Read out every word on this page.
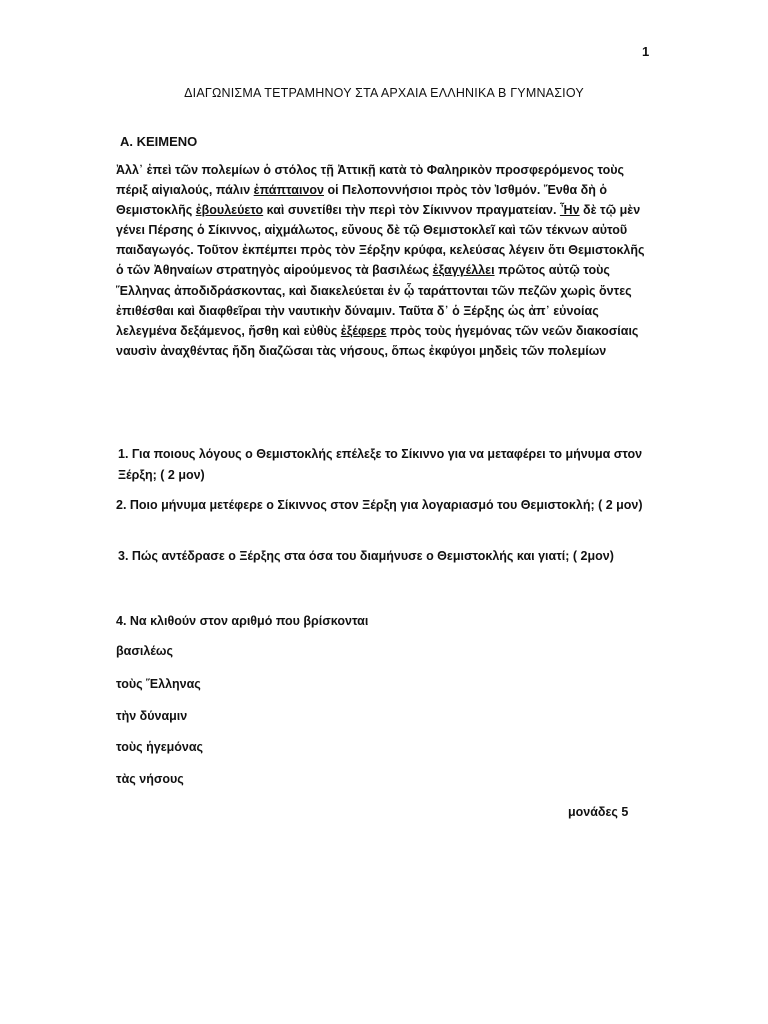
1
ΔΙΑΓΩΝΙΣΜΑ ΤΕΤΡΑΜΗΝΟΥ ΣΤΑ ΑΡΧΑΙΑ ΕΛΛΗΝΙΚΑ Β ΓΥΜΝΑΣΙΟΥ
Α. ΚΕΙΜΕΝΟ

Ἀλλ᾽ ἐπεὶ τῶν πολεμίων ὁ στόλος τῇ Ἀττικῇ κατὰ τὸ Φαληρικὸν προσφερόμενος τοὺς πέριξ αἰγιαλούς, πάλιν ἐπάπταινον οἱ Πελοποννήσιοι πρὸς τὸν Ἰσθμόν. Ἔνθα δὴ ὁ Θεμιστοκλῆς ἐβουλεύετο καὶ συνετίθει τὴν περὶ τὸν Σίκιννον πραγματείαν. Ἦν δὲ τῷ μὲν γένει Πέρσης ὁ Σίκιννος, αἰχμάλωτος, εὔνους δὲ τῷ Θεμιστοκλεῖ καὶ τῶν τέκνων αὐτοῦ παιδαγωγός. Τοῦτον ἐκπέμπει πρὸς τὸν Ξέρξην κρύφα, κελεύσας λέγειν ὅτι Θεμιστοκλῆς ὁ τῶν Ἀθηναίων στρατηγὸς αἱρούμενος τὰ βασιλέως ἐξαγγέλλει πρῶτος αὐτῷ τοὺς Ἕλληνας ἀποδιδράσκοντας, καὶ διακελεύεται ἐν ᾧ ταράττονται τῶν πεζῶν χωρὶς ὄντες ἐπιθέσθαι καὶ διαφθεῖραι τὴν ναυτικὴν δύναμιν. Ταῦτα δ᾽ ὁ Ξέρξης ὡς ἀπ᾽ εὐνοίας λελεγμένα δεξάμενος, ἥσθη καὶ εὐθὺς ἐξέφερε πρὸς τοὺς ἡγεμόνας τῶν νεῶν διακοσίαις ναυσὶν ἀναχθέντας ἤδη διαζῶσαι τὰς νήσους, ὅπως ἐκφύγοι μηδεὶς τῶν πολεμίων

1. Για ποιους λόγους ο Θεμιστοκλής επέλεξε το Σίκιννο για να μεταφέρει το μήνυμα στον Ξέρξη; ( 2 μον)

2. Ποιο μήνυμα μετέφερε ο Σίκιννος στον Ξέρξη για λογαριασμό του Θεμιστοκλή; ( 2 μον)

3. Πώς αντέδρασε ο Ξέρξης στα όσα του διαμήνυσε ο Θεμιστοκλής και γιατί; ( 2μον)

4. Να κλιθούν στον αριθμό που βρίσκονται

βασιλέως
τοὺς Ἕλληνας
τὴν δύναμιν
τοὺς ἡγεμόνας
τὰς νήσους
μονάδες 5
